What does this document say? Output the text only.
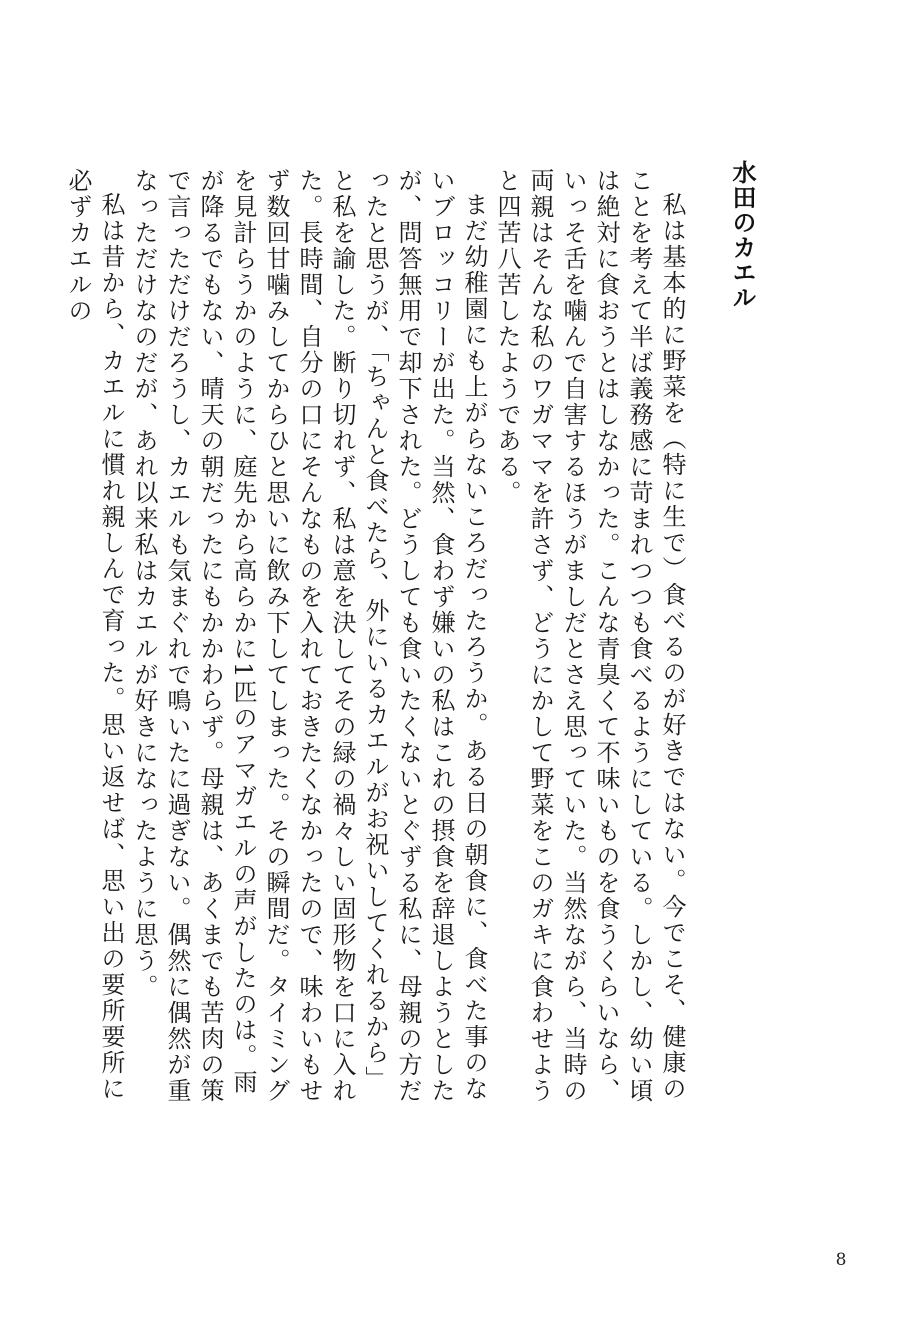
水田のカエル

私は基本的に野菜を（特に生で）食べるのが好きではない。今でこそ、健康のことを考えて半ば義務感に苛まれつつも食べるようにしている。しかし、幼い頃は絶対に食おうとはしなかった。こんな青臭くて不味いものを食うくらいなら、いっそ舌を噛んで自害するほうがましだとさえ思っていた。当然ながら、当時の両親はそんな私のワガママを許さず、どうにかして野菜をこのガキに食わせようと四苦八苦したようである。

まだ幼稚園にも上がらないころだったろうか。ある日の朝食に、食べた事のないブロッコリーが出た。当然、食わず嫌いの私はこれの摂食を辞退しようとしたが、問答無用で却下された。どうしても食いたくないとぐずる私に、母親の方だったと思うが、「ちゃんと食べたら、外にいるカエルがお祝いしてくれるから」と私を諭した。断り切れず、私は意を決してその緑の禍々しい固形物を口に入れた。長時間、自分の口にそんなものを入れておきたくなかったので、味わいもせず数回甘噛みしてからひと思いに飲み下してしまった。その瞬間だ。タイミングを見計らうかのように、庭先から高らかに1匹のアマガエルの声がしたのは。雨が降るでもない、晴天の朝だったにもかかわらず。母親は、あくまでも苦肉の策で言っただけだろうし、カエルも気まぐれで鳴いたに過ぎない。偶然に偶然が重なっただけなのだが、あれ以来私はカエルが好きになったように思う。

私は昔から、カエルに慣れ親しんで育った。思い返せば、思い出の要所要所に必ずカエルの

8
